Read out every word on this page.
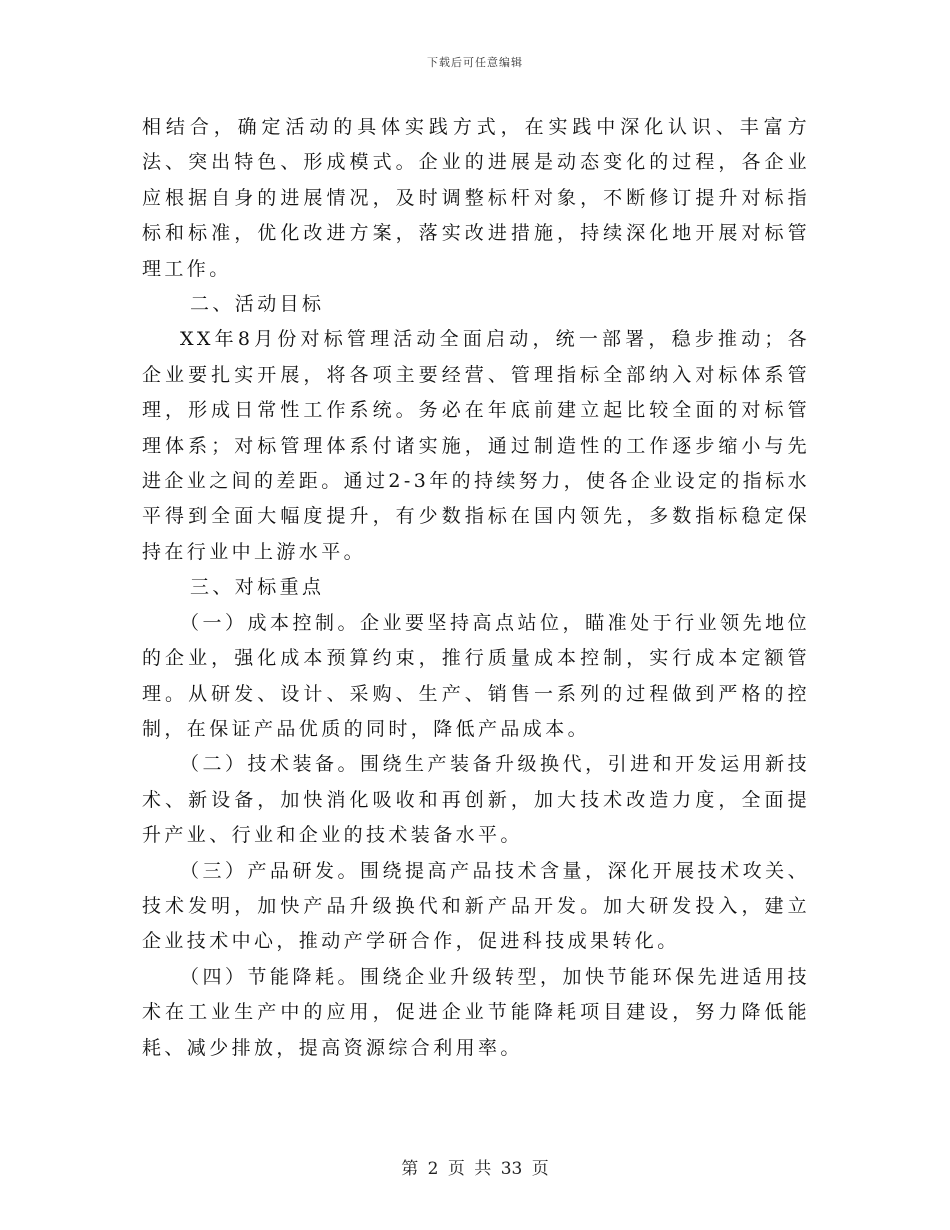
下载后可任意编辑

相结合，确定活动的具体实践方式，在实践中深化认识、丰富方法、突出特色、形成模式。企业的进展是动态变化的过程，各企业应根据自身的进展情况，及时调整标杆对象，不断修订提升对标指标和标准，优化改进方案，落实改进措施，持续深化地开展对标管理工作。

二、活动目标

XX年8月份对标管理活动全面启动，统一部署，稳步推动；各企业要扎实开展，将各项主要经营、管理指标全部纳入对标体系管理，形成日常性工作系统。务必在年底前建立起比较全面的对标管理体系；对标管理体系付诸实施，通过制造性的工作逐步缩小与先进企业之间的差距。通过2-3年的持续努力，使各企业设定的指标水平得到全面大幅度提升，有少数指标在国内领先，多数指标稳定保持在行业中上游水平。

三、对标重点

（一）成本控制。企业要坚持高点站位，瞄准处于行业领先地位的企业，强化成本预算约束，推行质量成本控制，实行成本定额管理。从研发、设计、采购、生产、销售一系列的过程做到严格的控制，在保证产品优质的同时，降低产品成本。

（二）技术装备。围绕生产装备升级换代，引进和开发运用新技术、新设备，加快消化吸收和再创新，加大技术改造力度，全面提升产业、行业和企业的技术装备水平。

（三）产品研发。围绕提高产品技术含量，深化开展技术攻关、技术发明，加快产品升级换代和新产品开发。加大研发投入，建立企业技术中心，推动产学研合作，促进科技成果转化。

（四）节能降耗。围绕企业升级转型，加快节能环保先进适用技术在工业生产中的应用，促进企业节能降耗项目建设，努力降低能耗、减少排放，提高资源综合利用率。

第 2 页 共 33 页
